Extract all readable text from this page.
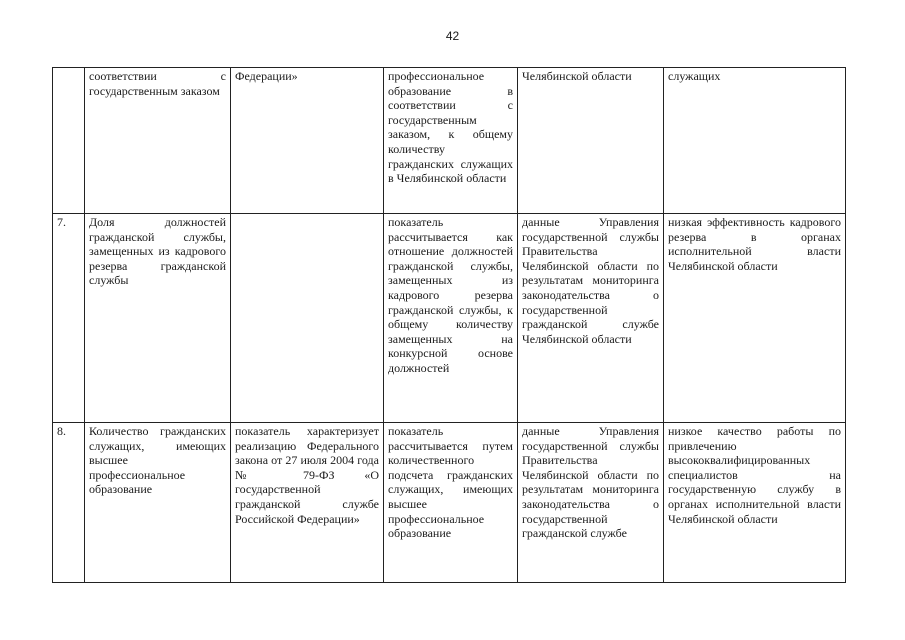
42
	соответствии с государственным заказом	Федерации»	профессиональное образование в соответствии с государственным заказом, к общему количеству гражданских служащих в Челябинской области	Челябинской области	служащих
7.	Доля должностей гражданской службы, замещенных из кадрового резерва гражданской службы		показатель рассчитывается как отношение должностей гражданской службы, замещенных из кадрового резерва гражданской службы, к общему количеству замещенных на конкурсной основе должностей	данные Управления государственной службы Правительства Челябинской области по результатам мониторинга законодательства о государственной гражданской службе Челябинской области	низкая эффективность кадрового резерва в органах исполнительной власти Челябинской области
8.	Количество гражданских служащих, имеющих высшее профессиональное образование	показатель характеризует реализацию Федерального закона от 27 июля 2004 года № 79-ФЗ «О государственной гражданской службе Российской Федерации»	показатель рассчитывается путем количественного подсчета гражданских служащих, имеющих высшее профессиональное образование	данные Управления государственной службы Правительства Челябинской области по результатам мониторинга законодательства о государственной гражданской службе	низкое качество работы по привлечению высококвалифицированных специалистов на государственную службу в органах исполнительной власти Челябинской области
